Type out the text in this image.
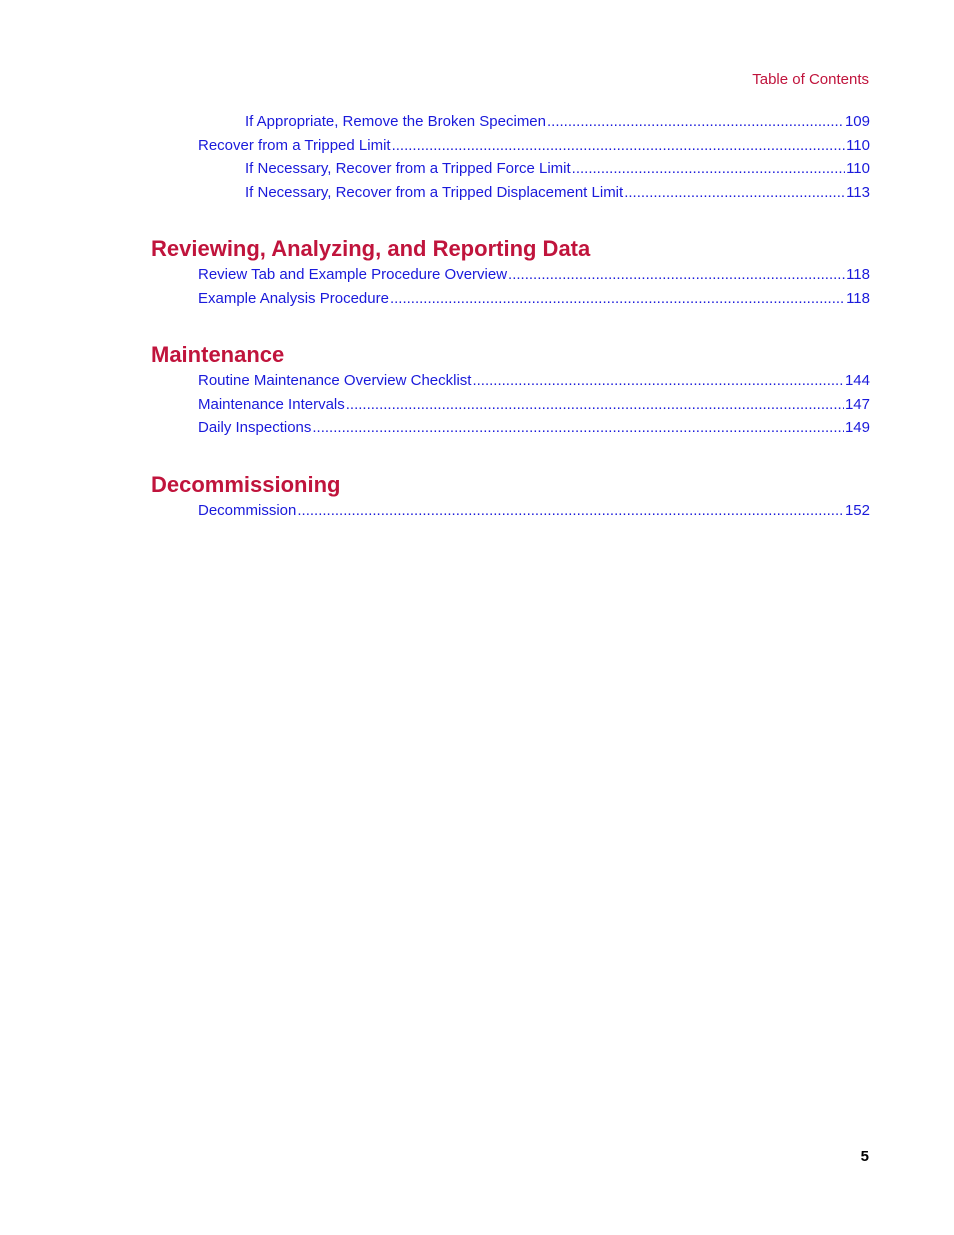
Table of Contents
If Appropriate, Remove the Broken Specimen .....	109
Recover from a Tripped Limit .....	110
If Necessary, Recover from a Tripped Force Limit .....	110
If Necessary, Recover from a Tripped Displacement Limit .....	113
Reviewing, Analyzing, and Reporting Data
Review Tab and Example Procedure Overview .....	118
Example Analysis Procedure .....	118
Maintenance
Routine Maintenance Overview Checklist .....	144
Maintenance Intervals .....	147
Daily Inspections .....	149
Decommissioning
Decommission .....	152
5
